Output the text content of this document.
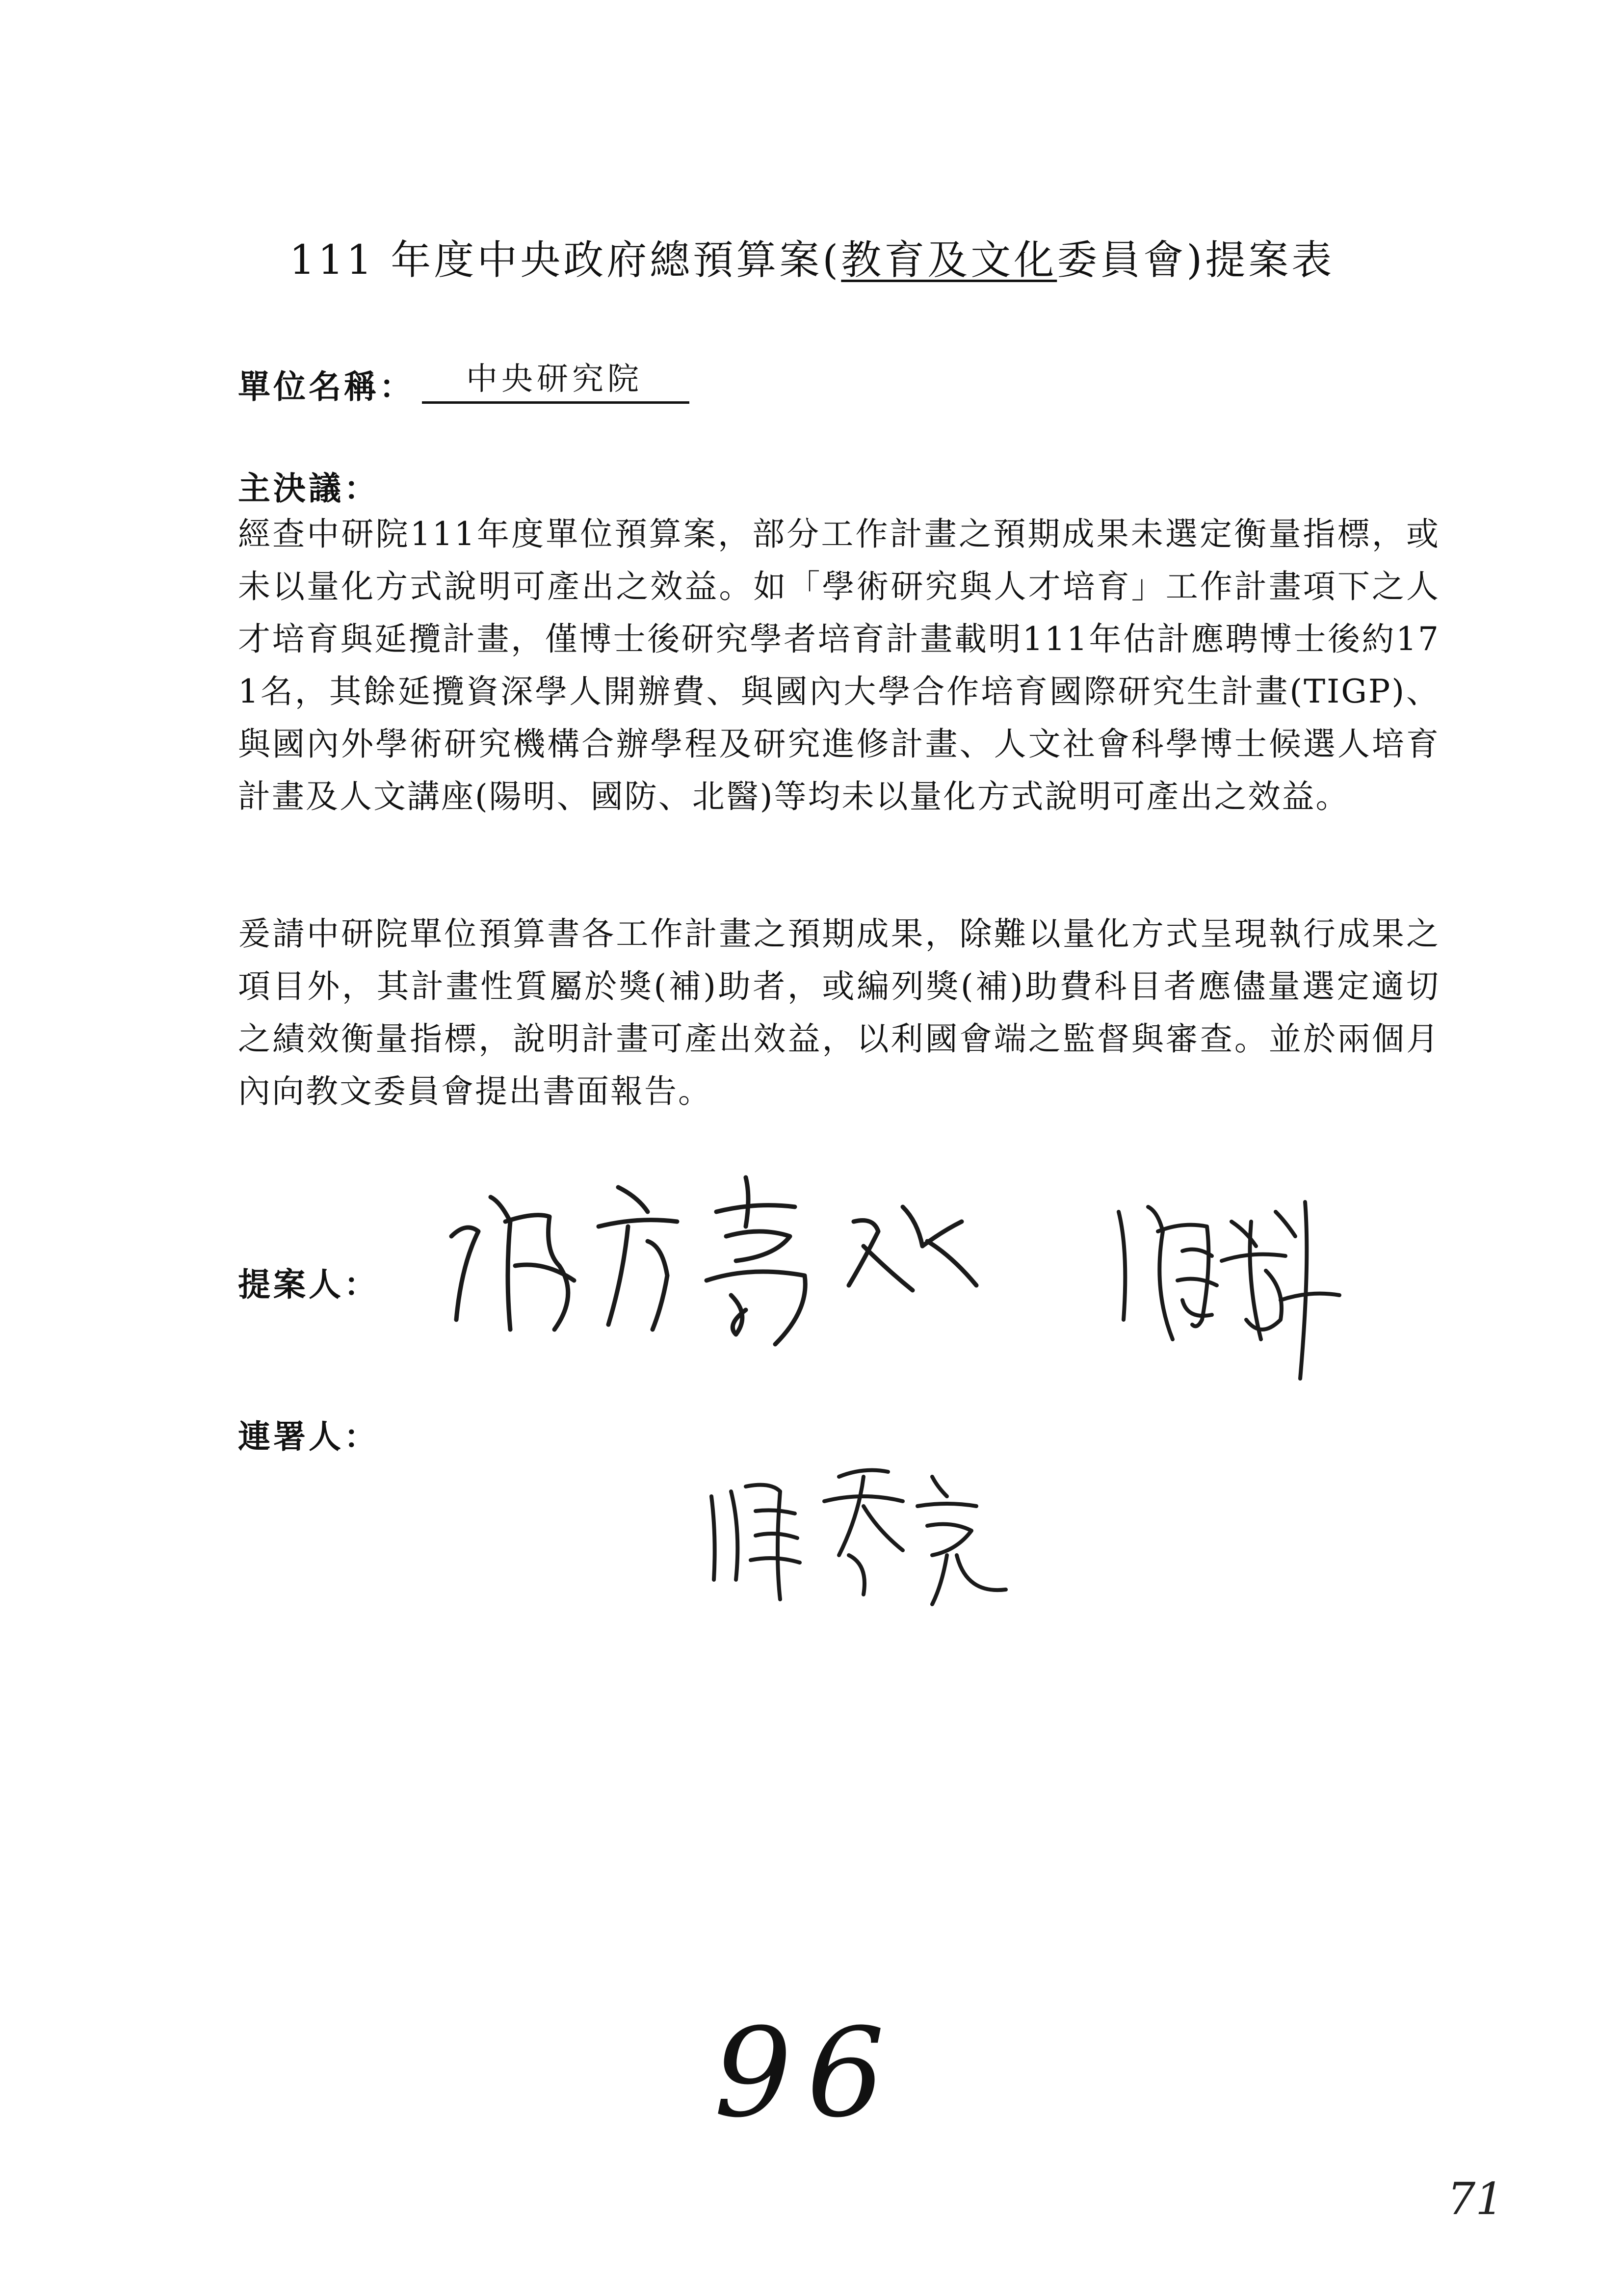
111 年度中央政府總預算案(教育及文化委員會)提案表
單位名稱：	中央研究院
主決議：
經查中研院111年度單位預算案，部分工作計畫之預期成果未選定衡量指標，或未以量化方式說明可產出之效益。如「學術研究與人才培育」工作計畫項下之人才培育與延攬計畫，僅博士後研究學者培育計畫載明111年估計應聘博士後約171名，其餘延攬資深學人開辦費、與國內大學合作培育國際研究生計畫(TIGP)、與國內外學術研究機構合辦學程及研究進修計畫、人文社會科學博士候選人培育計畫及人文講座(陽明、國防、北醫)等均未以量化方式說明可產出之效益。
爰請中研院單位預算書各工作計畫之預期成果，除難以量化方式呈現執行成果之項目外，其計畫性質屬於獎(補)助者，或編列獎(補)助費科目者應儘量選定適切之績效衡量指標，說明計畫可產出效益，以利國會端之監督與審查。並於兩個月內向教文委員會提出書面報告。
提案人：
連署人：
96
71
